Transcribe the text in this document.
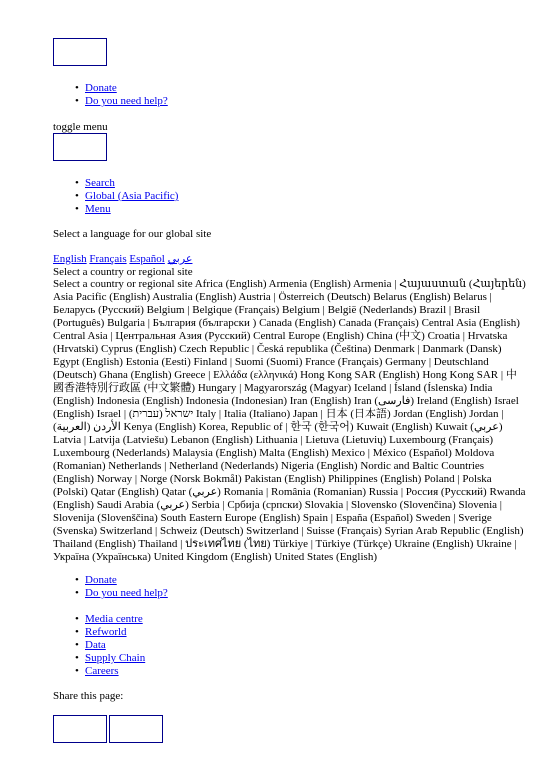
• Donate
• Do you need help?
toggle menu
• Search
• Global (Asia Pacific)
• Menu
Select a language for our global site
English Français Español عربي
Select a country or regional site

Select a country or regional site Africa (English) Armenia (English) Armenia | Հայաստան (Հայերեն) Asia Pacific (English) Australia (English) Austria | Österreich (Deutsch) Belarus (English) Belarus | Беларусь (Русский) Belgium | Belgique (Français) Belgium | België (Nederlands) Brazil | Brasil (Português) Bulgaria | България (български ) Canada (English) Canada (Français) Central Asia (English) Central Asia | Центральная Азия (Русский) Central Europe (English) China (中文) Croatia | Hrvatska (Hrvatski) Cyprus (English) Czech Republic | Česká republika (Čeština) Denmark | Danmark (Dansk) Egypt (English) Estonia (Eesti) Finland | Suomi (Suomi) France (Français) Germany | Deutschland (Deutsch) Ghana (English) Greece | Ελλάδα (ελληνικά) Hong Kong SAR (English) Hong Kong SAR | 中國香港特別行政區 (中文繁體) Hungary | Magyarország (Magyar) Iceland | Ísland (Íslenska) India (English) Indonesia (English) Indonesia (Indonesian) Iran (English) Iran (فارسی) Ireland (English) Israel (English) Israel | ישראל (עברית) Italy | Italia (Italiano) Japan | 日本 (日本語) Jordan (English) Jordan | الأردن (العربية) Kenya (English) Korea, Republic of | 한국 (한국어) Kuwait (English) Kuwait (عربي) Latvia | Latvija (Latviešu) Lebanon (English) Lithuania | Lietuva (Lietuvių) Luxembourg (Français) Luxembourg (Nederlands) Malaysia (English) Malta (English) Mexico | México (Español) Moldova (Romanian) Netherlands | Netherland (Nederlands) Nigeria (English) Nordic and Baltic Countries (English) Norway | Norge (Norsk Bokmål) Pakistan (English) Philippines (English) Poland | Polska (Polski) Qatar (English) Qatar (عربي) Romania | România (Romanian) Russia | Россия (Русский) Rwanda (English) Saudi Arabia (عربي) Serbia | Србија (српски) Slovakia | Slovensko (Slovenčina) Slovenia | Slovenija (Slovenščina) South Eastern Europe (English) Spain | España (Español) Sweden | Sverige (Svenska) Switzerland | Schweiz (Deutsch) Switzerland | Suisse (Français) Syrian Arab Republic (English) Thailand (English) Thailand | ประเทศไทย (ไทย) Türkiye | Türkiye (Türkçe) Ukraine (English) Ukraine | Україна (Українська) United Kingdom (English) United States (English)

• Donate
• Do you need help?
• Media centre
• Refworld
• Data
• Supply Chain
• Careers
Share this page:
